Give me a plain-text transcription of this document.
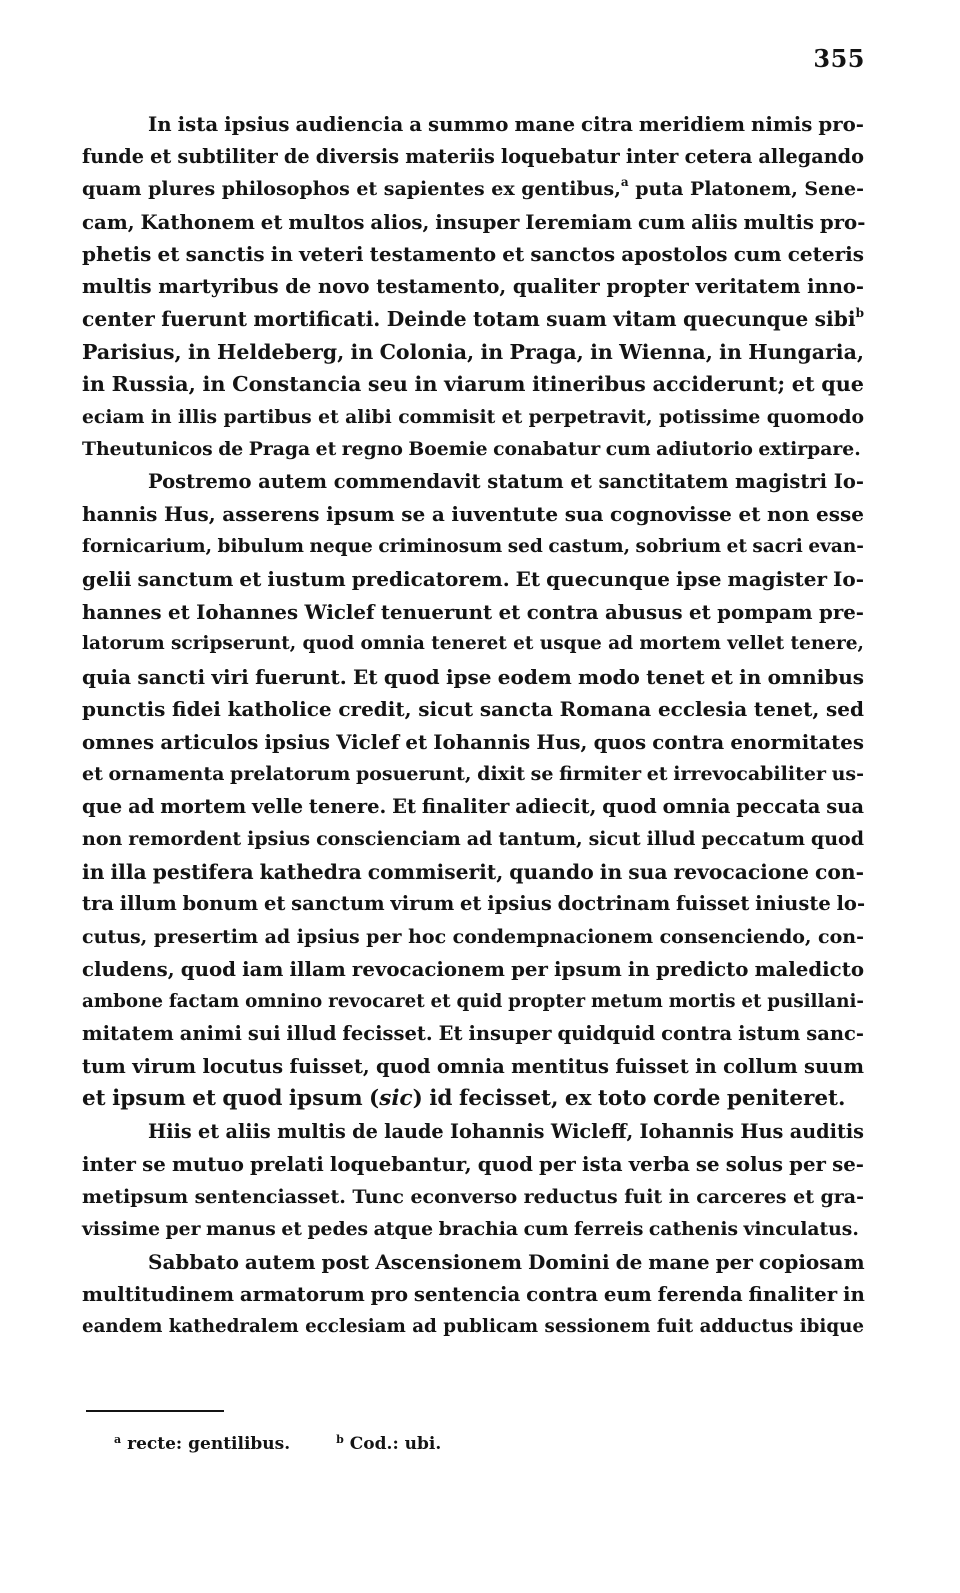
355
In ista ipsius audiencia a summo mane citra meridiem nimis pro-
funde et subtiliter de diversis materiis loquebatur inter cetera allegando
quam plures philosophos et sapientes ex gentibus,$^a$ puta Platonem, Sene-
cam, Kathonem et multos alios, insuper Ieremiam cum aliis multis pro-
phetis et sanctis in veteri testamento et sanctos apostolos cum ceteris
multis martyribus de novo testamento, qualiter propter veritatem inno-
center fuerunt mortificati. Deinde totam suam vitam quecunque sibi$^b$
Parisius, in Heldeberg, in Colonia, in Praga, in Wienna, in Hungaria,
in Russia, in Constancia seu in viarum itineribus acciderunt; et que
eciam in illis partibus et alibi commisit et perpetravit, potissime quomodo
Theutunicos de Praga et regno Boemie conabatur cum adiutorio extirpare.
Postremo autem commendavit statum et sanctitatem magistri Io-
hannis Hus, asserens ipsum se a iuventute sua cognovisse et non esse
fornicarium, bibulum neque criminosum sed castum, sobrium et sacri evan-
gelii sanctum et iustum predicatorem. Et quecunque ipse magister Io-
hannes et Iohannes Wiclef tenuerunt et contra abusus et pompam pre-
latorum scripserunt, quod omnia teneret et usque ad mortem vellet tenere,
quia sancti viri fuerunt. Et quod ipse eodem modo tenet et in omnibus
punctis fidei katholice credit, sicut sancta Romana ecclesia tenet, sed
omnes articulos ipsius Viclef et Iohannis Hus, quos contra enormitates
et ornamenta prelatorum posuerunt, dixit se firmiter et irrevocabiliter us-
que ad mortem velle tenere. Et finaliter adiecit, quod omnia peccata sua
non remordent ipsius conscienciam ad tantum, sicut illud peccatum quod
in illa pestifera kathedra commiserit, quando in sua revocacione con-
tra illum bonum et sanctum virum et ipsius doctrinam fuisset iniuste lo-
cutus, presertim ad ipsius per hoc condempnacionem consenciendo, con-
cludens, quod iam illam revocacionem per ipsum in predicto maledicto
ambone factam omnino revocaret et quid propter metum mortis et pusillani-
mitatem animi sui illud fecisset. Et insuper quidquid contra istum sanc-
tum virum locutus fuisset, quod omnia mentitus fuisset in collum suum
et ipsum et quod ipsum (sic) id fecisset, ex toto corde peniteret.
Hiis et aliis multis de laude Iohannis Wicleff, Iohannis Hus auditis
inter se mutuo prelati loquebantur, quod per ista verba se solus per se-
metipsum sentenciasset. Tunc econverso reductus fuit in carceres et gra-
vissime per manus et pedes atque brachia cum ferreis cathenis vinculatus.
Sabbato autem post Ascensionem Domini de mane per copiosam
multitudinem armatorum pro sentencia contra eum ferenda finaliter in
eandem kathedralem ecclesiam ad publicam sessionem fuit adductus ibique
$^a$ recte: gentilibus.	$^b$ Cod.: ubi.
